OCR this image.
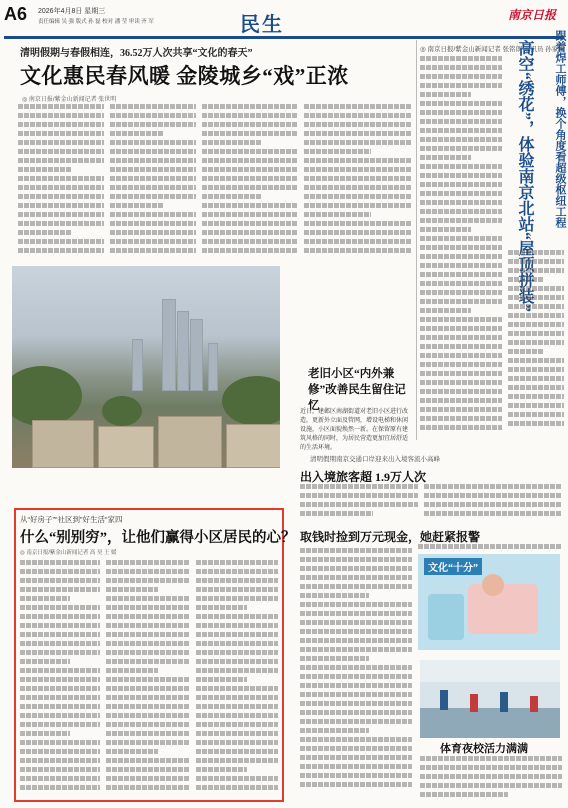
A6 2026年4月8日 星期三
责任编辑 吴 强 版式 孙 磊 校对 潘 莹 审读 齐 军	民生	南京日报
清明假期与春假相连，36.52万人次共享“文化的春天”
文化惠民春风暖 金陵城乡“戏”正浓
◎ 南京日报/紫金山新闻记者 张世明
◎ 南京日报/紫金山新闻记者 张铭朗 通讯员 孙家悦
跟着焊工师傅，换个角度看超级枢纽工程
高空“绣花”，体验南京北站“屋顶拼装”
老旧小区“内外兼修”改善民生留住记忆
近日，建邺区南湖街道对老旧小区进行改造，更新外立面及管网，增设电梯和休闲设施，小区面貌焕然一新。在保留原有建筑风格的同时，为居民营造更加宜居舒适的生活环境。
清明假期南京交通口岸迎来出入境客流小高峰
出入境旅客超 1.9万人次
取钱时捡到万元现金，她赶紧报警
文化“十分”
体育夜校活力满满
从“好房子”“社区到”好生活“家四
什么“别别穷”，让他们赢得小区居民的心？
◎ 南京日报/紫金山新闻记者 高 昊 王 媛
